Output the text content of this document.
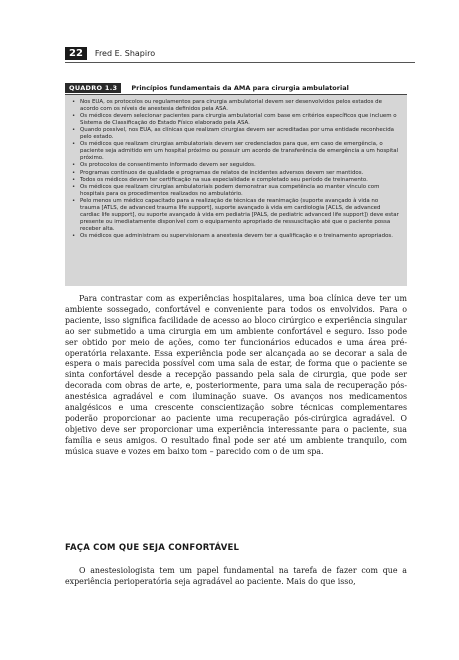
22	Fred E. Shapiro
QUADRO 1.3	Princípios fundamentais da AMA para cirurgia ambulatorial
• Nos EUA, os protocolos ou regulamentos para cirurgia ambulatorial devem ser desenvolvidos pelos estados de acordo com os níveis de anestesia definidos pela ASA.
• Os médicos devem selecionar pacientes para cirurgia ambulatorial com base em critérios específicos que incluem o Sistema de Classificação do Estado Físico elaborado pela ASA.
• Quando possível, nos EUA, as clínicas que realizam cirurgias devem ser acreditadas por uma entidade reconhecida pelo estado.
• Os médicos que realizam cirurgias ambulatoriais devem ser credenciados para que, em caso de emergência, o paciente seja admitido em um hospital próximo ou possuir um acordo de transferência de emergência a um hospital próximo.
• Os protocolos de consentimento informado devem ser seguidos.
• Programas contínuos de qualidade e programas de relatos de incidentes adversos devem ser mantidos.
• Todos os médicos devem ter certificação na sua especialidade e completado seu período de treinamento.
• Os médicos que realizam cirurgias ambulatoriais podem demonstrar sua competência ao manter vínculo com hospitais para os procedimentos realizados no ambulatório.
• Pelo menos um médico capacitado para a realização de técnicas de reanimação (suporte avançado à vida no trauma [ATLS, de advanced trauma life support], suporte avançado à vida em cardiologia [ACLS, de advanced cardiac life support], ou suporte avançado à vida em pediatria [PALS, de pediatric advanced life support]) deve estar presente ou imediatamente disponível com o equipamento apropriado de ressuscitação até que o paciente possa receber alta.
• Os médicos que administram ou supervisionam a anestesia devem ter a qualificação e o treinamento apropriados.

Para contrastar com as experiências hospitalares, uma boa clínica deve ter um ambiente sossegado, confortável e conveniente para todos os envolvidos. Para o paciente, isso significa facilidade de acesso ao bloco cirúrgico e experiência singular ao ser submetido a uma cirurgia em um ambiente confortável e seguro. Isso pode ser obtido por meio de ações, como ter funcionários educados e uma área pré-operatória relaxante. Essa experiência pode ser alcançada ao se decorar a sala de espera o mais parecida possível com uma sala de estar, de forma que o paciente se sinta confortável desde a recepção passando pela sala de cirurgia, que pode ser decorada com obras de arte, e, posteriormente, para uma sala de recuperação pós-anestésica agradável e com iluminação suave. Os avanços nos medicamentos analgésicos e uma crescente conscientização sobre técnicas complementares poderão proporcionar ao paciente uma recuperação pós-cirúrgica agradável. O objetivo deve ser proporcionar uma experiência interessante para o paciente, sua família e seus amigos. O resultado final pode ser até um ambiente tranquilo, com música suave e vozes em baixo tom – parecido com o de um spa.

FAÇA COM QUE SEJA CONFORTÁVEL

O anestesiologista tem um papel fundamental na tarefa de fazer com que a experiência perioperatória seja agradável ao paciente. Mais do que isso,
